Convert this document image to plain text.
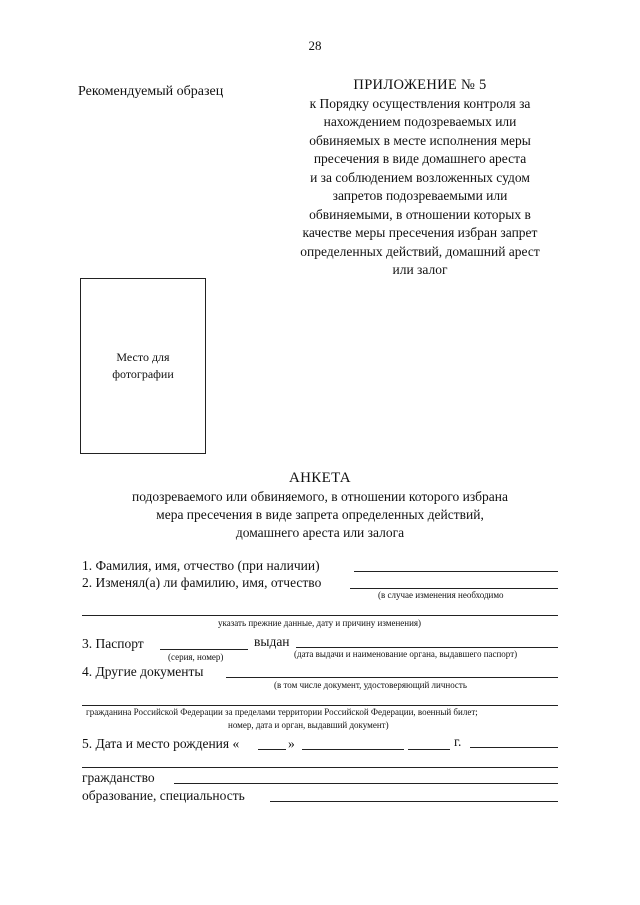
28
Рекомендуемый образец	ПРИЛОЖЕНИЕ № 5
к Порядку осуществления контроля за
нахождением подозреваемых или
обвиняемых в месте исполнения меры
пресечения в виде домашнего ареста
и за соблюдением возложенных судом
запретов подозреваемыми или
обвиняемыми, в отношении которых в
качестве меры пресечения избран запрет
определенных действий, домашний арест
или залог
Место для
фотографии
АНКЕТА
подозреваемого или обвиняемого, в отношении которого избрана
мера пресечения в виде запрета определенных действий,
домашнего ареста или залога
1. Фамилия, имя, отчество (при наличии)
2. Изменял(а) ли фамилию, имя, отчество
(в случае изменения необходимо
указать прежние данные, дату и причину изменения)
3. Паспорт	выдан
(серия, номер)	(дата выдачи и наименование органа, выдавшего паспорт)
4. Другие документы
(в том числе документ, удостоверяющий личность
гражданина Российской Федерации за пределами территории Российской Федерации, военный билет;
номер, дата и орган, выдавший документ)
5. Дата и место рождения «	»	г.
гражданство
образование, специальность
